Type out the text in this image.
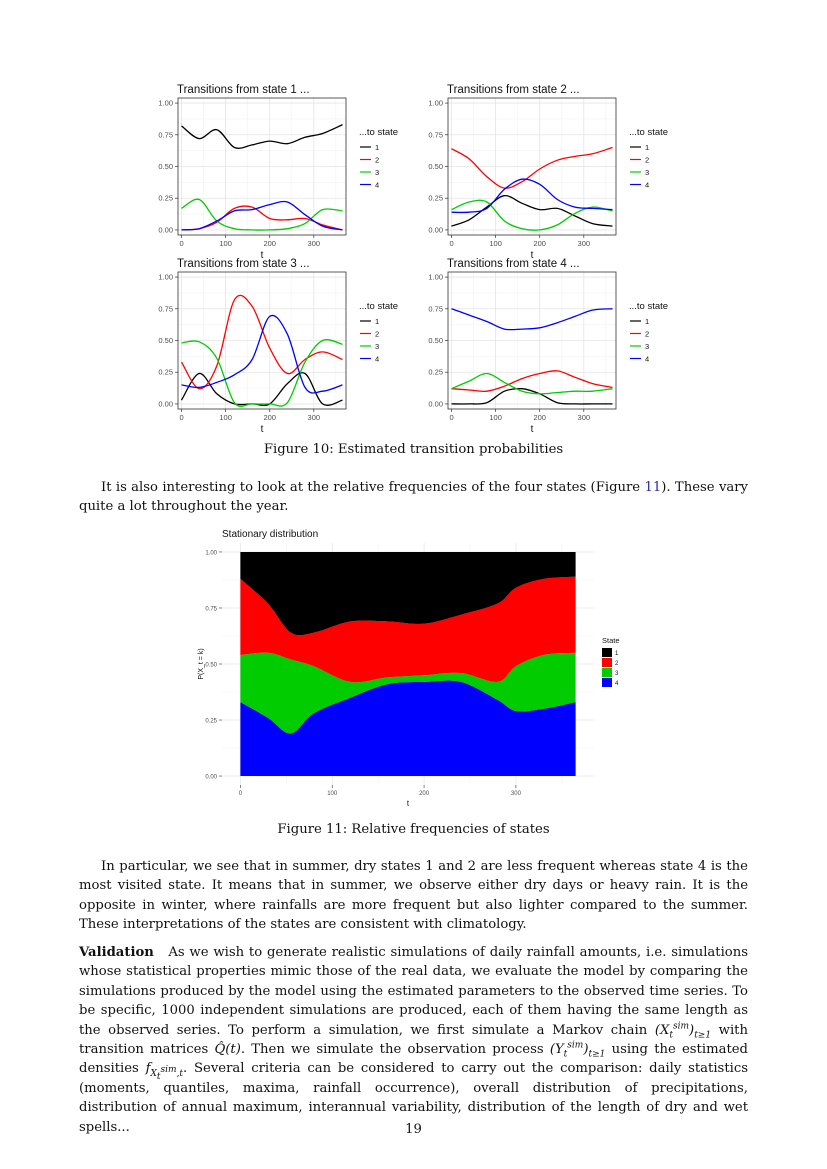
0.00
0.25
0.50
0.75
1.00
0	100	200	300
Transitions from state 1 ...
t
...to state
1
2
3
4
0.00
0.25
0.50
0.75
1.00
0	100	200	300
Transitions from state 2 ...
t
...to state
1
2
3
4
0.00
0.25
0.50
0.75
1.00
0	100	200	300
Transitions from state 3 ...
t
...to state
1
2
3
4
0.00
0.25
0.50
0.75
1.00
0	100	200	300
Transitions from state 4 ...
t
...to state
1
2
3
4
Figure 10: Estimated transition probabilities
It is also interesting to look at the relative frequencies of the four states (Figure 11). These vary quite a lot throughout the year.
0.00
0.25
0.50
0.75
1.00
0	100	200	300
Stationary distribution
t
P(X_t = k)
State
1
2
3
4
Figure 11: Relative frequencies of states
In particular, we see that in summer, dry states 1 and 2 are less frequent whereas state 4 is the most visited state. It means that in summer, we observe either dry days or heavy rain. It is the opposite in winter, where rainfalls are more frequent but also lighter compared to the summer. These interpretations of the states are consistent with climatology.
Validation As we wish to generate realistic simulations of daily rainfall amounts, i.e. simulations whose statistical properties mimic those of the real data, we evaluate the model by comparing the simulations produced by the model using the estimated parameters to the observed time series. To be specific, 1000 independent simulations are produced, each of them having the same length as the observed series. To perform a simulation, we first simulate a Markov chain $(X_t^{sim})_{t\ge 1}$ with transition matrices Q̂(t). Then we simulate the observation process $(Y_t^{sim})_{t\ge 1}$ using the estimated densities $f_{X_t^{sim},t}$. Several criteria can be considered to carry out the comparison: daily statistics (moments, quantiles, maxima, rainfall occurrence), overall distribution of precipitations, distribution of annual maximum, interannual variability, distribution of the length of dry and wet spells...	19
